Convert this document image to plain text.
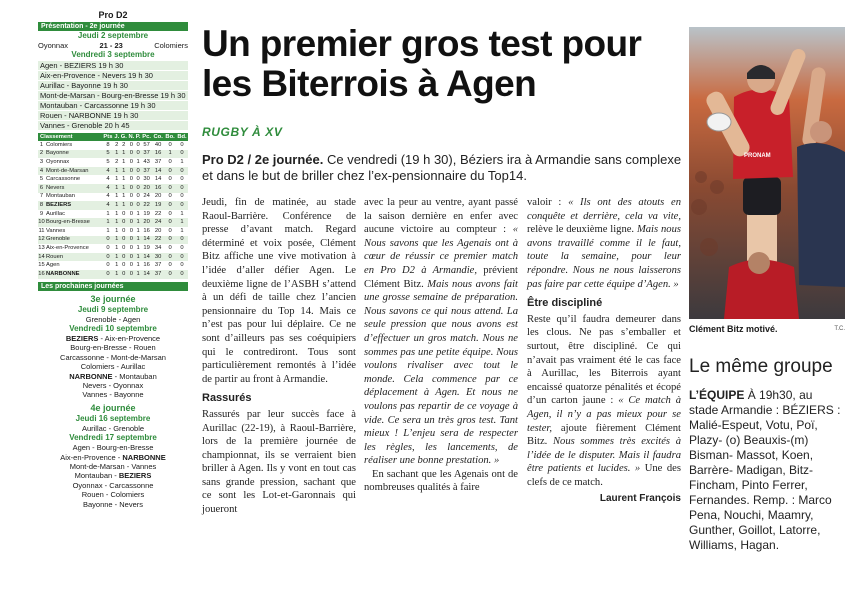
Pro D2
Présentation - 2e journée
Jeudi 2 septembre
Oyonnax	21 - 23	Colomiers
Vendredi 3 septembre
Agen - BEZIERS 19 h 30
Aix-en-Provence - Nevers 19 h 30
Aurillac - Bayonne 19 h 30
Mont-de-Marsan - Bourg-en-Bresse 19 h 30
Montauban - Carcassonne 19 h 30
Rouen - NARBONNE 19 h 30
Vannes - Grenoble 20 h 45
Classement		Pts	J.	G.	N.	P.	Pc.	Co.	Bo.	Bd.
1	Colomiers	8	2	2	0	0	57	40	0	0
2	Bayonne	5	1	1	0	0	37	16	1	0
3	Oyonnax	5	2	1	0	1	43	37	0	1
4	Mont-de-Marsan	4	1	1	0	0	37	14	0	0
5	Carcassonne	4	1	1	0	0	30	14	0	0
6	Nevers	4	1	1	0	0	20	16	0	0
7	Montauban	4	1	1	0	0	24	20	0	0
8	BEZIERS	4	1	1	0	0	22	19	0	0
9	Aurillac	1	1	0	0	1	19	22	0	1
10	Bourg-en-Bresse	1	1	0	0	1	20	24	0	1
11	Vannes	1	1	0	0	1	16	20	0	1
12	Grenoble	0	1	0	0	1	14	22	0	0
13	Aix-en-Provence	0	1	0	0	1	19	34	0	0
14	Rouen	0	1	0	0	1	14	30	0	0
15	Agen	0	1	0	0	1	16	37	0	0
16	NARBONNE	0	1	0	0	1	14	37	0	0
Les prochaines journées
3e journée
Jeudi 9 septembre
Grenoble - Agen
Vendredi 10 septembre
BEZIERS - Aix-en-Provence
Bourg-en-Bresse - Rouen
Carcassonne - Mont-de-Marsan
Colomiers - Aurillac
NARBONNE - Montauban
Nevers - Oyonnax
Vannes - Bayonne
4e journée
Jeudi 16 septembre
Aurillac - Grenoble
Vendredi 17 septembre
Agen - Bourg-en-Bresse
Aix-en-Provence - NARBONNE
Mont-de-Marsan - Vannes
Montauban - BEZIERS
Oyonnax - Carcassonne
Rouen - Colomiers
Bayonne - Nevers
Un premier gros test pour les Biterrois à Agen
RUGBY À XV
Pro D2 / 2e journée. Ce vendredi (19 h 30), Béziers ira à Armandie sans complexe et dans le but de briller chez l’ex-pensionnaire du Top14.

Jeudi, fin de matinée, au stade Raoul-Barrière. Conférence de presse d’avant match. Regard déterminé et voix posée, Clément Bitz affiche une vive motivation à l’idée d’aller défier Agen. Le deuxième ligne de l’ASBH s’attend à un défi de taille chez l’ancien pensionnaire du Top 14. Mais ce n’est pas pour lui déplaire. Ce ne sont d’ailleurs pas ses coéquipiers qui le contrediront. Tous sont particulièrement remontés à l’idée de partir au front à Armandie.

Rassurés

Rassurés par leur succès face à Aurillac (22-19), à Raoul-Barrière, lors de la première journée de championnat, ils se verraient bien briller à Agen. Ils y vont en tout cas sans grande pression, sachant que ce sont les Lot-et-Garonnais qui joueront

avec la peur au ventre, ayant passé la saison dernière en enfer avec aucune victoire au compteur : « Nous savons que les Agenais ont à cœur de réussir ce premier match en Pro D2 à Armandie, prévient Clément Bitz. Mais nous avons fait une grosse semaine de préparation. Nous savons ce qui nous attend. La seule pression que nous avons est d’effectuer un gros match. Nous ne sommes pas une petite équipe. Nous voulons rivaliser avec tout le monde. Cela commence par ce déplacement à Agen. Et nous ne voulons pas repartir de ce voyage à vide. Ce sera un très gros test. Tant mieux ! L’enjeu sera de respecter les règles, les lancements, de réaliser une bonne prestation. »

En sachant que les Agenais ont de nombreuses qualités à faire

valoir : « Ils ont des atouts en conquête et derrière, cela va vite, relève le deuxième ligne. Mais nous avons travaillé comme il le faut, toute la semaine, pour leur répondre. Nous ne nous laisserons pas faire par cette équipe d’Agen. »

Être discipliné

Reste qu’il faudra demeurer dans les clous. Ne pas s’emballer et surtout, être discipliné. Ce qui n’avait pas vraiment été le cas face à Aurillac, les Biterrois ayant encaissé quatorze pénalités et écopé d’un carton jaune : « Ce match à Agen, il n’y a pas mieux pour se tester, ajoute fièrement Clément Bitz. Nous sommes très excités à l’idée de le disputer. Mais il faudra être patients et lucides. » Une des clefs de ce match.

Laurent François
PRONAM
Clément Bitz motivé.	T.C.
Le même groupe
L’ÉQUIPE À 19h30, au stade Armandie : BÉZIERS : Malié-Espeut, Votu, Poï, Plazy- (o) Beauxis-(m) Bisman- Massot, Koen, Barrère- Madigan, Bitz-Fincham, Pinto Ferrer, Fernandes. Remp. : Marco Pena, Nouchi, Maamry, Gunther, Goillot, Latorre, Williams, Hagan.
